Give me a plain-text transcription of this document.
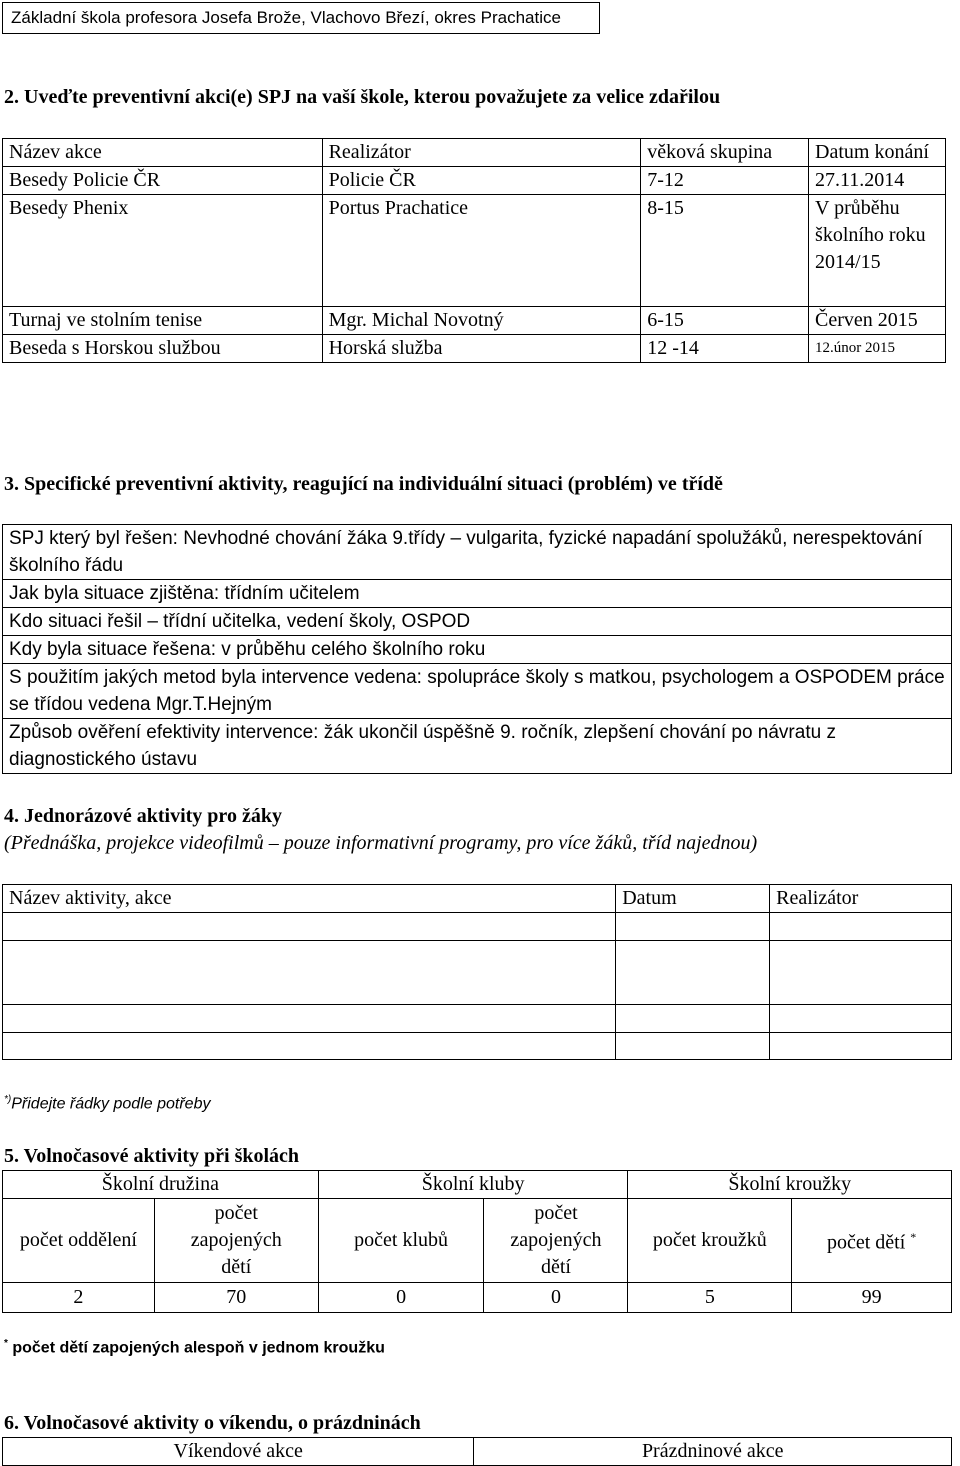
Základní škola profesora Josefa Brože, Vlachovo Březí, okres Prachatice
2. Uveďte preventivní akci(e) SPJ na vaší škole, kterou považujete za velice zdařilou
Název akce	Realizátor	věková skupina	Datum konání
Besedy Policie ČR	Policie ČR	7-12	27.11.2014
Besedy Phenix	Portus Prachatice	8-15	V průběhu školního roku 2014/15
Turnaj ve stolním tenise	Mgr. Michal Novotný	6-15	Červen 2015
Beseda s Horskou službou	Horská služba	12 -14	12.únor 2015
3. Specifické preventivní aktivity, reagující na individuální situaci (problém) ve třídě
SPJ který byl řešen: Nevhodné chování žáka 9.třídy – vulgarita, fyzické napadání spolužáků, nerespektování školního řádu
Jak byla situace zjištěna: třídním učitelem
Kdo situaci řešil – třídní učitelka, vedení školy, OSPOD
Kdy byla situace řešena: v průběhu celého školního roku
S použitím jakých metod byla intervence vedena: spolupráce školy s matkou, psychologem a OSPODEM práce se třídou vedena Mgr.T.Hejným
Způsob ověření efektivity intervence: žák ukončil úspěšně 9. ročník, zlepšení chování po návratu z diagnostického ústavu
4. Jednorázové aktivity pro žáky
(Přednáška, projekce videofilmů – pouze informativní programy, pro více žáků, tříd najednou)
Název aktivity, akce	Datum	Realizátor

*)Přidejte řádky podle potřeby
5. Volnočasové aktivity při školách
Školní družina		Školní kluby		Školní kroužky	
počet oddělení	počet zapojených dětí	počet klubů	počet zapojených dětí	počet kroužků	počet dětí *
2	70	0	0	5	99
* počet dětí zapojených alespoň v jednom kroužku
6. Volnočasové aktivity o víkendu, o prázdninách
Víkendové akce	Prázdninové akce
